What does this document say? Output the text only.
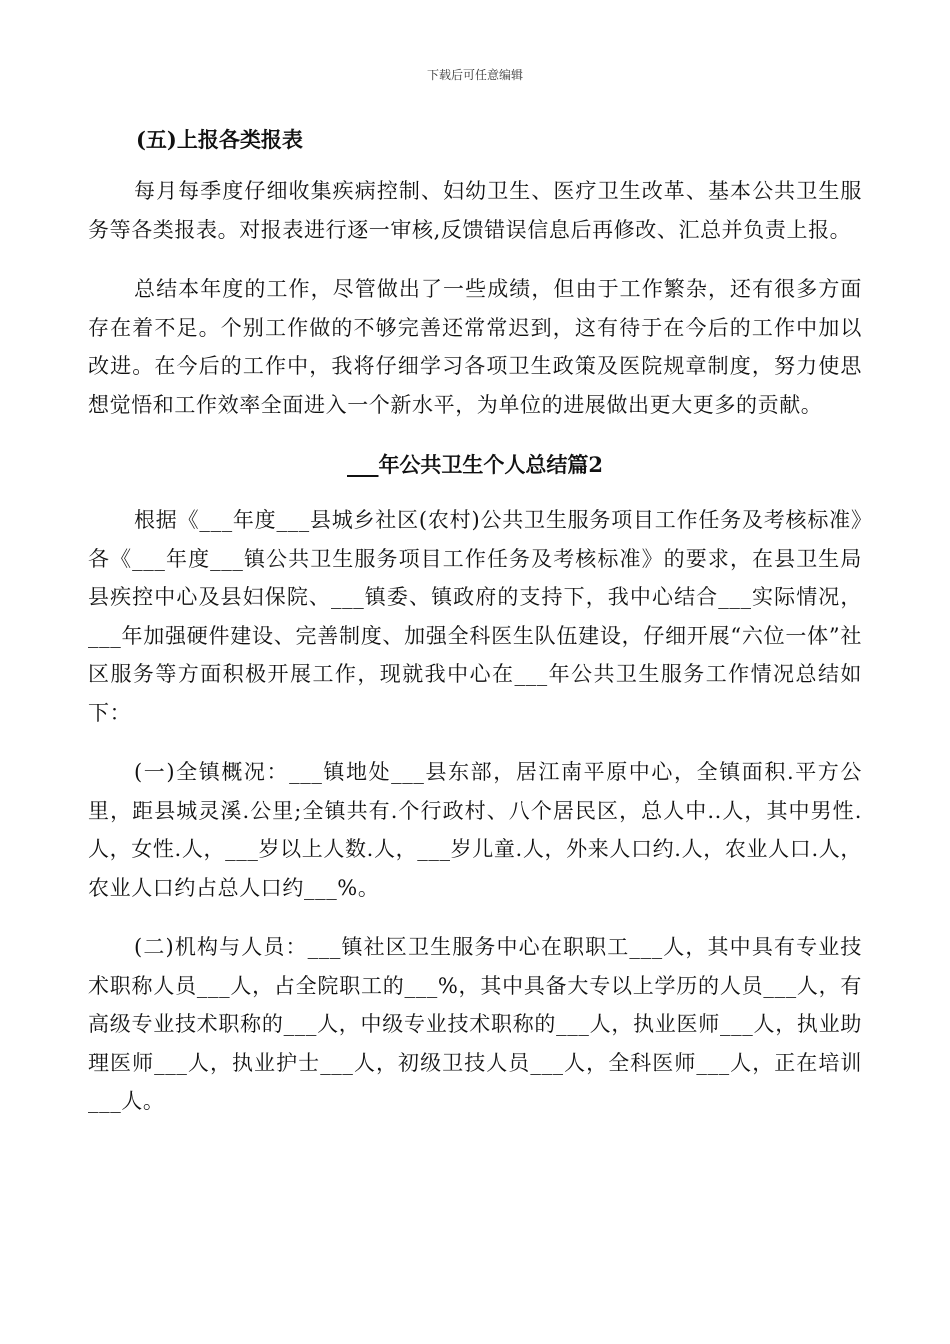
下载后可任意编辑
(五)上报各类报表

每月每季度仔细收集疾病控制、妇幼卫生、医疗卫生改革、基本公共卫生服务等各类报表。对报表进行逐一审核,反馈错误信息后再修改、汇总并负责上报。

总结本年度的工作，尽管做出了一些成绩，但由于工作繁杂，还有很多方面存在着不足。个别工作做的不够完善还常常迟到，这有待于在今后的工作中加以改进。在今后的工作中，我将仔细学习各项卫生政策及医院规章制度，努力使思想觉悟和工作效率全面进入一个新水平，为单位的进展做出更大更多的贡献。

___年公共卫生个人总结篇2

根据《___年度___县城乡社区(农村)公共卫生服务项目工作任务及考核标准》各《___年度___镇公共卫生服务项目工作任务及考核标准》的要求，在县卫生局县疾控中心及县妇保院、___镇委、镇政府的支持下，我中心结合___实际情况，___年加强硬件建设、完善制度、加强全科医生队伍建设，仔细开展“六位一体”社区服务等方面积极开展工作，现就我中心在___年公共卫生服务工作情况总结如下：

(一)全镇概况：___镇地处___县东部，居江南平原中心，全镇面积.平方公里，距县城灵溪.公里;全镇共有.个行政村、八个居民区，总人中..人，其中男性.人，女性.人，___岁以上人数.人，___岁儿童.人，外来人口约.人，农业人口.人，农业人口约占总人口约___%。

(二)机构与人员：___镇社区卫生服务中心在职职工___人，其中具有专业技术职称人员___人，占全院职工的___%，其中具备大专以上学历的人员___人，有高级专业技术职称的___人，中级专业技术职称的___人，执业医师___人，执业助理医师___人，执业护士___人，初级卫技人员___人，全科医师___人，正在培训___人。
